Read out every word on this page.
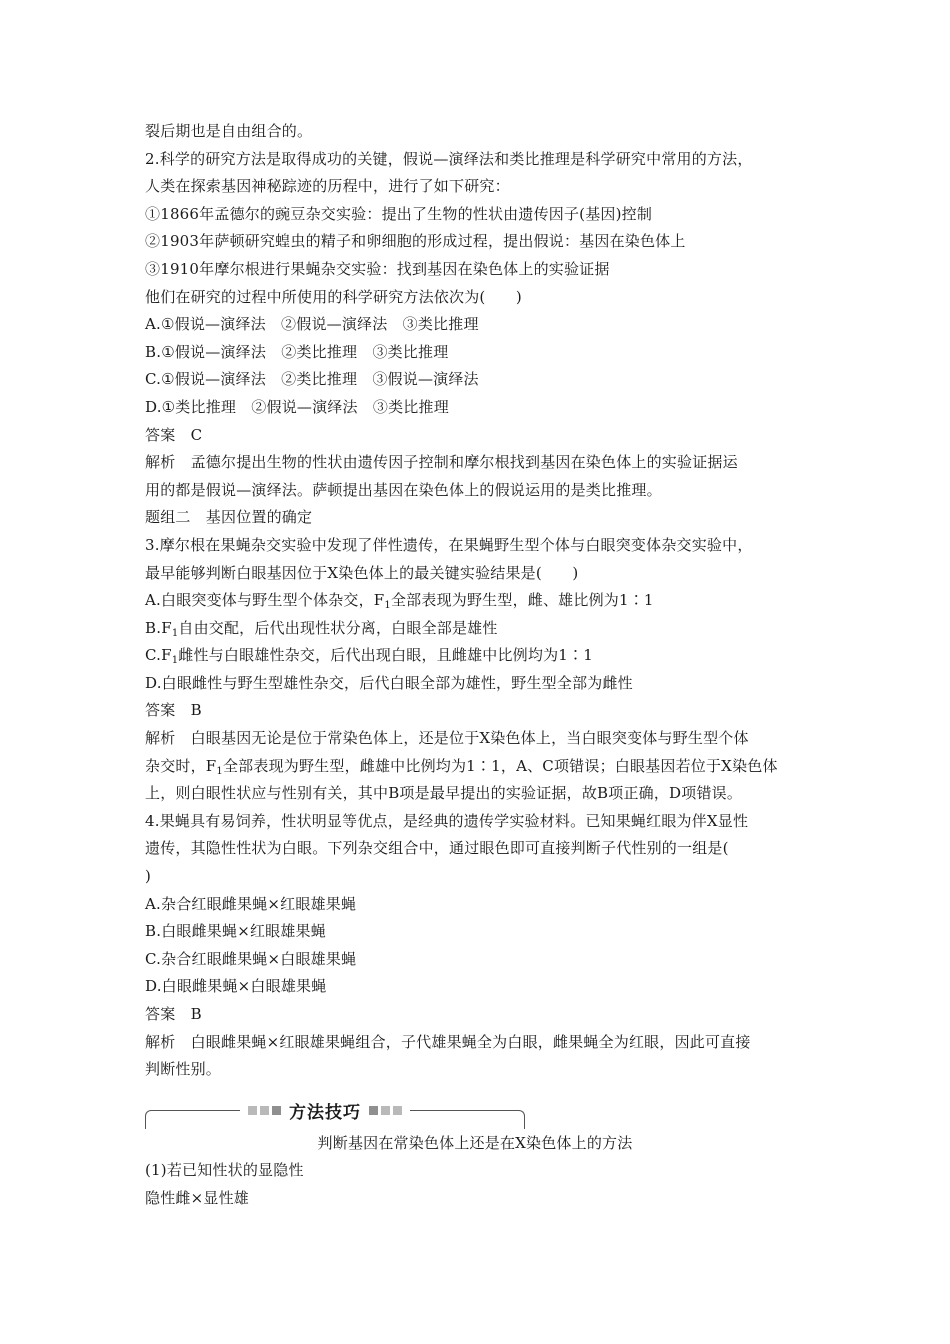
裂后期也是自由组合的。
2.科学的研究方法是取得成功的关键，假说—演绎法和类比推理是科学研究中常用的方法，
人类在探索基因神秘踪迹的历程中，进行了如下研究：
①1866年孟德尔的豌豆杂交实验：提出了生物的性状由遗传因子(基因)控制
②1903年萨顿研究蝗虫的精子和卵细胞的形成过程，提出假说：基因在染色体上
③1910年摩尔根进行果蝇杂交实验：找到基因在染色体上的实验证据
他们在研究的过程中所使用的科学研究方法依次为(　　)
A.①假说—演绎法　②假说—演绎法　③类比推理
B.①假说—演绎法　②类比推理　③类比推理
C.①假说—演绎法　②类比推理　③假说—演绎法
D.①类比推理　②假说—演绎法　③类比推理
答案　C
解析　孟德尔提出生物的性状由遗传因子控制和摩尔根找到基因在染色体上的实验证据运
用的都是假说—演绎法。萨顿提出基因在染色体上的假说运用的是类比推理。
题组二　基因位置的确定
3.摩尔根在果蝇杂交实验中发现了伴性遗传，在果蝇野生型个体与白眼突变体杂交实验中，
最早能够判断白眼基因位于X染色体上的最关键实验结果是(　　)
A.白眼突变体与野生型个体杂交，$F_1$全部表现为野生型，雌、雄比例为1∶1
$B.F_1$自由交配，后代出现性状分离，白眼全部是雄性
$C.F_1$雌性与白眼雄性杂交，后代出现白眼，且雌雄中比例均为1∶1
D.白眼雌性与野生型雄性杂交，后代白眼全部为雄性，野生型全部为雌性
答案　B
解析　白眼基因无论是位于常染色体上，还是位于X染色体上，当白眼突变体与野生型个体
杂交时，$F_1$全部表现为野生型，雌雄中比例均为1∶1，A、C项错误；白眼基因若位于X染色体
上，则白眼性状应与性别有关，其中B项是最早提出的实验证据，故B项正确，D项错误。
4.果蝇具有易饲养，性状明显等优点，是经典的遗传学实验材料。已知果蝇红眼为伴X显性
遗传，其隐性性状为白眼。下列杂交组合中，通过眼色即可直接判断子代性别的一组是(
)
A.杂合红眼雌果蝇×红眼雄果蝇
B.白眼雌果蝇×红眼雄果蝇
C.杂合红眼雌果蝇×白眼雄果蝇
D.白眼雌果蝇×白眼雄果蝇
答案　B
解析　白眼雌果蝇×红眼雄果蝇组合，子代雄果蝇全为白眼，雌果蝇全为红眼，因此可直接
判断性别。
方法技巧
判断基因在常染色体上还是在X染色体上的方法
(1)若已知性状的显隐性
隐性雌×显性雄
